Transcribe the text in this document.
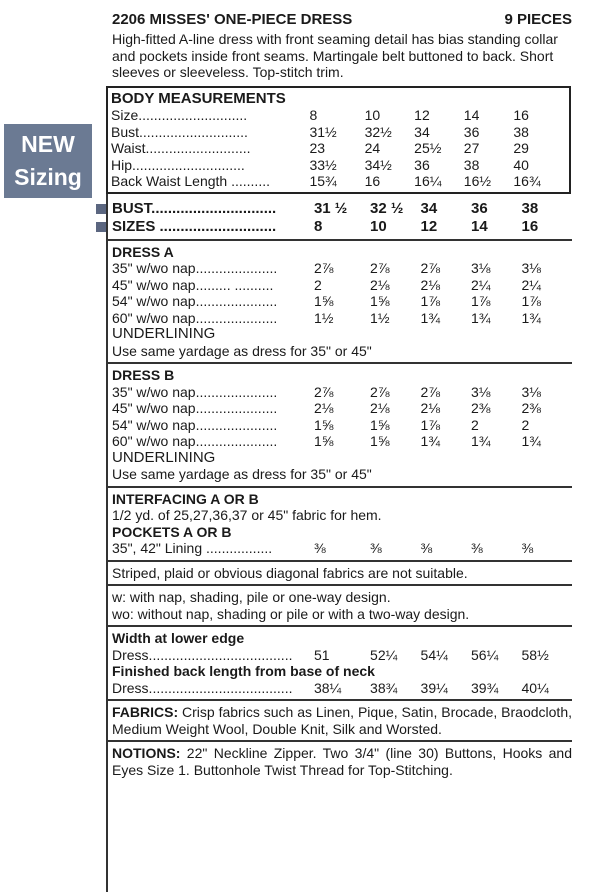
NEW
Sizing
2206 MISSES' ONE-PIECE DRESS	9 PIECES
High-fitted A-line dress with front seaming detail has bias standing collar and pockets inside front seams. Martingale belt buttoned to back. Short sleeves or sleeveless. Top-stitch trim.
BODY MEASUREMENTS
Size............................	8	10	12	14	16
Bust............................	31½	32½	34	36	38
Waist...........................	23	24	25½	27	29
Hip.............................	33½	34½	36	38	40
Back Waist Length ..........	15¾	16	16¼	16½	16¾
BUST..............................	31 ½	32 ½	34	36	38
SIZES ............................	8	10	12	14	16
DRESS A
35" w/wo nap.....................	2⅞	2⅞	2⅞	3⅛	3⅛
45" w/wo nap......... ..........	2	2⅛	2⅛	2¼	2¼
54" w/wo nap.....................	1⅝	1⅝	1⅞	1⅞	1⅞
60" w/wo nap.....................	1½	1½	1¾	1¾	1¾
UNDERLINING
Use same yardage as dress for 35" or 45"
DRESS B
35" w/wo nap.....................	2⅞	2⅞	2⅞	3⅛	3⅛
45" w/wo nap.....................	2⅛	2⅛	2⅛	2⅜	2⅜
54" w/wo nap.....................	1⅝	1⅝	1⅞	2	2
60" w/wo nap.....................	1⅝	1⅝	1¾	1¾	1¾
UNDERLINING
Use same yardage as dress for 35" or 45"
INTERFACING A OR B
1/2 yd. of 25,27,36,37 or 45" fabric for hem.
POCKETS A OR B
35", 42" Lining .................	⅜	⅜	⅜	⅜	⅜
Striped, plaid or obvious diagonal fabrics are not suitable.
w: with nap, shading, pile or one-way design.
wo: without nap, shading or pile or with a two-way design.
Width at lower edge
Dress.....................................	51	52¼	54¼	56¼	58½
Finished back length from base of neck
Dress.....................................	38¼	38¾	39¼	39¾	40¼
FABRICS: Crisp fabrics such as Linen, Pique, Satin, Brocade, Braodcloth, Medium Weight Wool, Double Knit, Silk and Worsted.
NOTIONS: 22" Neckline Zipper. Two 3/4" (line 30) Buttons, Hooks and Eyes Size 1. Buttonhole Twist Thread for Top-Stitching.
